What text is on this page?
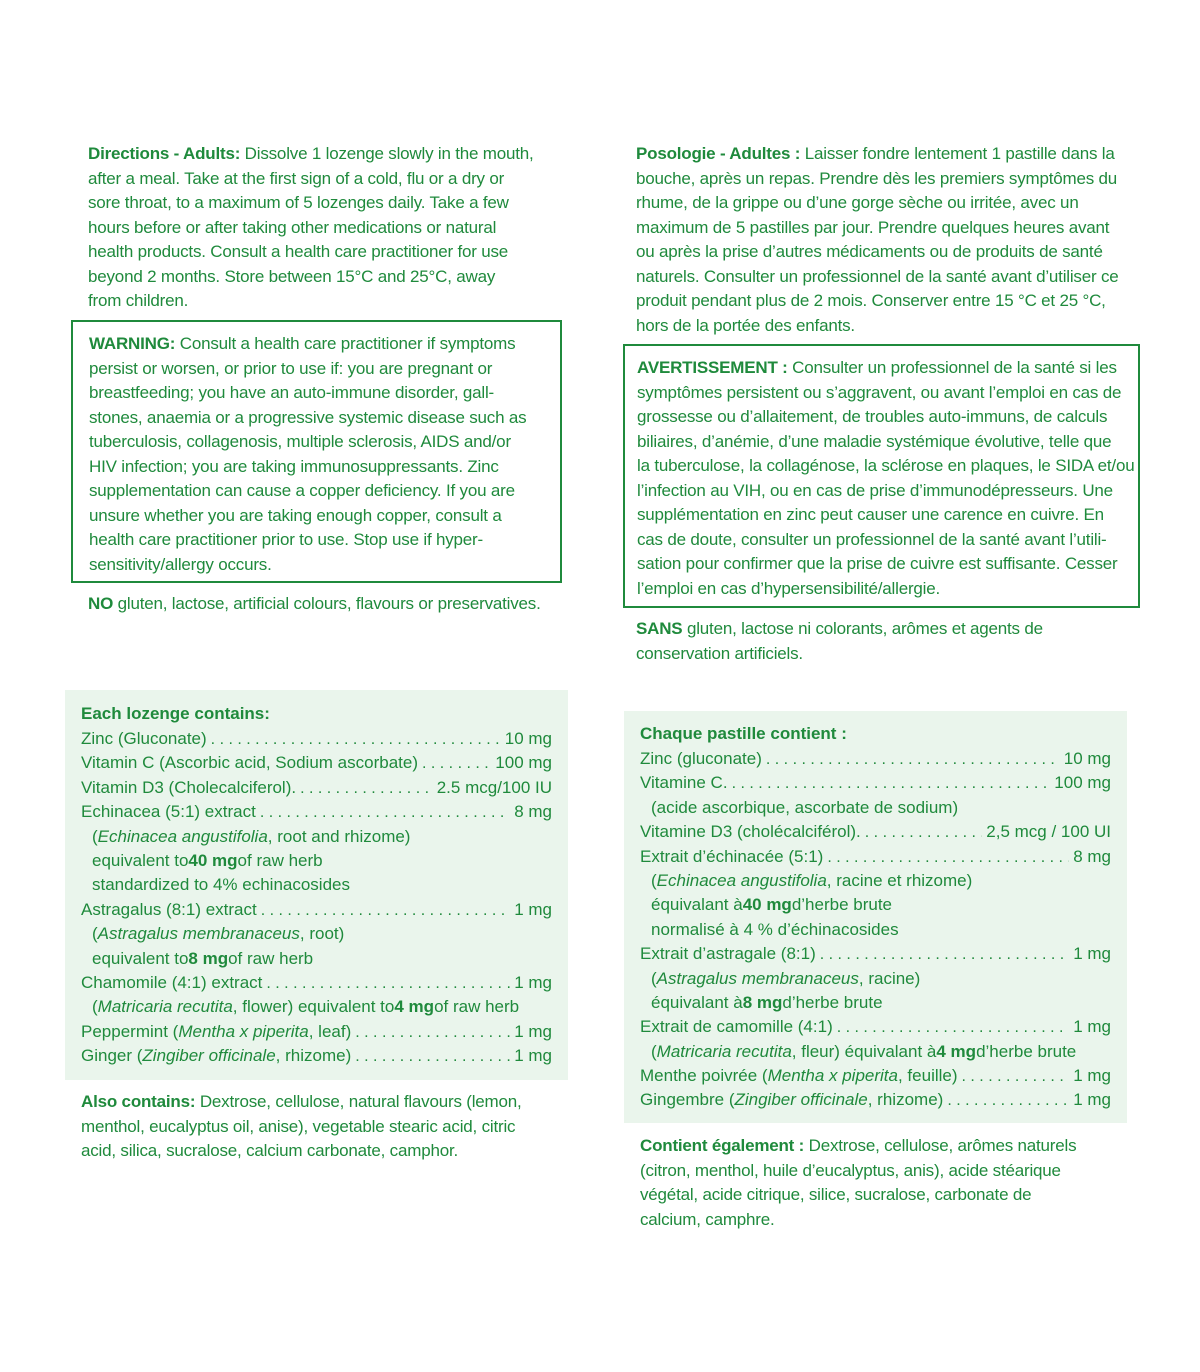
Directions - Adults: Dissolve 1 lozenge slowly in the mouth,
after a meal. Take at the first sign of a cold, flu or a dry or
sore throat, to a maximum of 5 lozenges daily. Take a few
hours before or after taking other medications or natural
health products. Consult a health care practitioner for use
beyond 2 months. Store between 15°C and 25°C, away
from children.

WARNING: Consult a health care practitioner if symptoms
persist or worsen, or prior to use if: you are pregnant or
breastfeeding; you have an auto-immune disorder, gall-
stones, anaemia or a progressive systemic disease such as
tuberculosis, collagenosis, multiple sclerosis, AIDS and/or
HIV infection; you are taking immunosuppressants. Zinc
supplementation can cause a copper deficiency. If you are
unsure whether you are taking enough copper, consult a
health care practitioner prior to use. Stop use if hyper-
sensitivity/allergy occurs.

NO gluten, lactose, artificial colours, flavours or preservatives.

Each lozenge contains:
Zinc (Gluconate) . . .	10 mg
Vitamin C (Ascorbic acid, Sodium ascorbate) . . .	100 mg
Vitamin D3 (Cholecalciferol). . . .	2.5 mcg/100 IU
Echinacea (5:1) extract . . .	8 mg
( Echinacea angustifolia , root and rhizome)
equivalent to 40 mg of raw herb
standardized to 4% echinacosides
Astragalus (8:1) extract . . .	1 mg
( Astragalus membranaceus , root)
equivalent to 8 mg of raw herb
Chamomile (4:1) extract . . .	1 mg
( Matricaria recutita , flower) equivalent to 4 mg of raw herb
Peppermint (Mentha x piperita, leaf) . . .	1 mg
Ginger (Zingiber officinale, rhizome) . . .	1 mg

Also contains: Dextrose, cellulose, natural flavours (lemon,
menthol, eucalyptus oil, anise), vegetable stearic acid, citric
acid, silica, sucralose, calcium carbonate, camphor.

Posologie - Adultes : Laisser fondre lentement 1 pastille dans la
bouche, après un repas. Prendre dès les premiers symptômes du
rhume, de la grippe ou d’une gorge sèche ou irritée, avec un
maximum de 5 pastilles par jour. Prendre quelques heures avant
ou après la prise d’autres médicaments ou de produits de santé
naturels. Consulter un professionnel de la santé avant d’utiliser ce
produit pendant plus de 2 mois. Conserver entre 15 °C et 25 °C,
hors de la portée des enfants.

AVERTISSEMENT : Consulter un professionnel de la santé si les
symptômes persistent ou s’aggravent, ou avant l’emploi en cas de
grossesse ou d’allaitement, de troubles auto-immuns, de calculs
biliaires, d’anémie, d’une maladie systémique évolutive, telle que
la tuberculose, la collagénose, la sclérose en plaques, le SIDA et/ou
l’infection au VIH, ou en cas de prise d’immunodépresseurs. Une
supplémentation en zinc peut causer une carence en cuivre. En
cas de doute, consulter un professionnel de la santé avant l’utili-
sation pour confirmer que la prise de cuivre est suffisante. Cesser
l’emploi en cas d’hypersensibilité/allergie.

SANS gluten, lactose ni colorants, arômes et agents de
conservation artificiels.

Chaque pastille contient :
Zinc (gluconate) . . .	10 mg
Vitamine C. . . .	100 mg
(acide ascorbique, ascorbate de sodium)
Vitamine D3 (cholécalciférol). . . .	2,5 mcg / 100 UI
Extrait d’échinacée (5:1) . . .	8 mg
( Echinacea angustifolia , racine et rhizome)
équivalant à 40 mg d’herbe brute
normalisé à 4 % d’échinacosides
Extrait d’astragale (8:1) . . .	1 mg
( Astragalus membranaceus , racine)
équivalant à 8 mg d’herbe brute
Extrait de camomille (4:1) . . .	1 mg
( Matricaria recutita , fleur) équivalant à 4 mg d’herbe brute
Menthe poivrée (Mentha x piperita, feuille) . . .	1 mg
Gingembre (Zingiber officinale, rhizome) . . .	1 mg

Contient également : Dextrose, cellulose, arômes naturels
(citron, menthol, huile d’eucalyptus, anis), acide stéarique
végétal, acide citrique, silice, sucralose, carbonate de
calcium, camphre.
